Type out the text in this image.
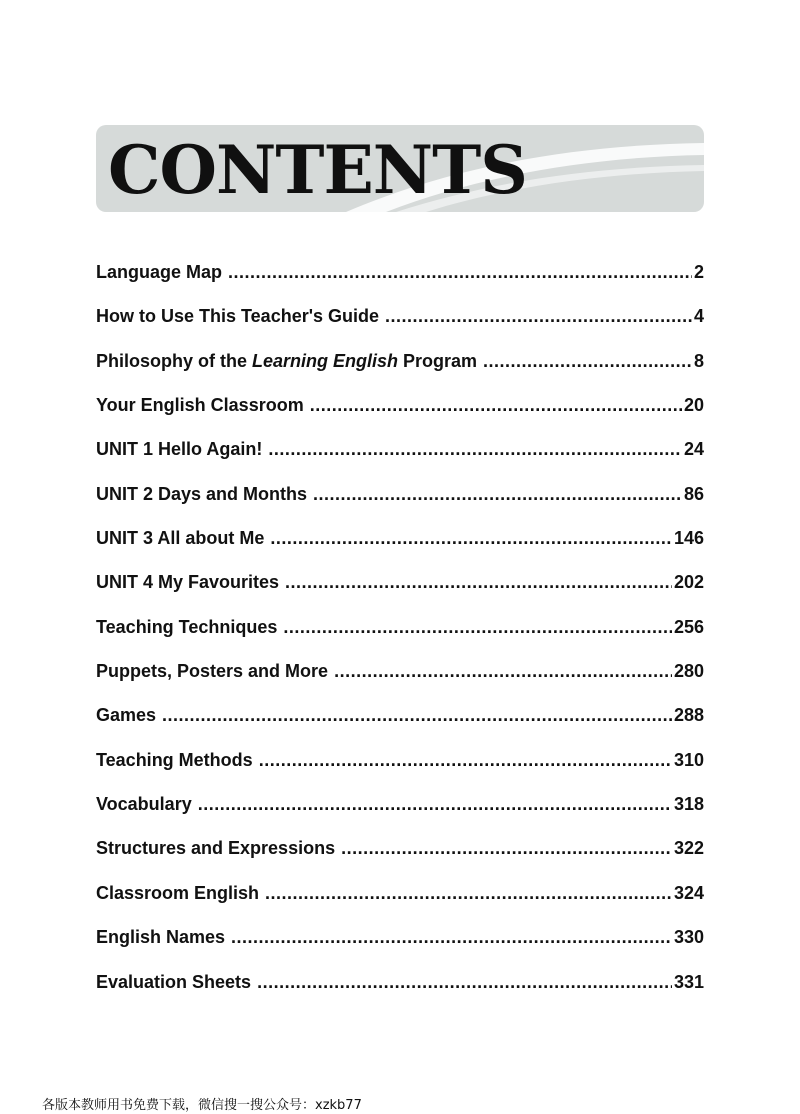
CONTENTS
Language Map .....	2
How to Use This Teacher's Guide .....	4
Philosophy of the Learning English Program .....	8
Your English Classroom .....	20
UNIT 1 Hello Again! .....	24
UNIT 2 Days and Months .....	86
UNIT 3 All about Me .....	146
UNIT 4 My Favourites .....	202
Teaching Techniques .....	256
Puppets, Posters and More .....	280
Games .....	288
Teaching Methods .....	310
Vocabulary .....	318
Structures and Expressions .....	322
Classroom English .....	324
English Names .....	330
Evaluation Sheets .....	331
各版本教师用书免费下载，微信搜一搜公众号：xzkb77
